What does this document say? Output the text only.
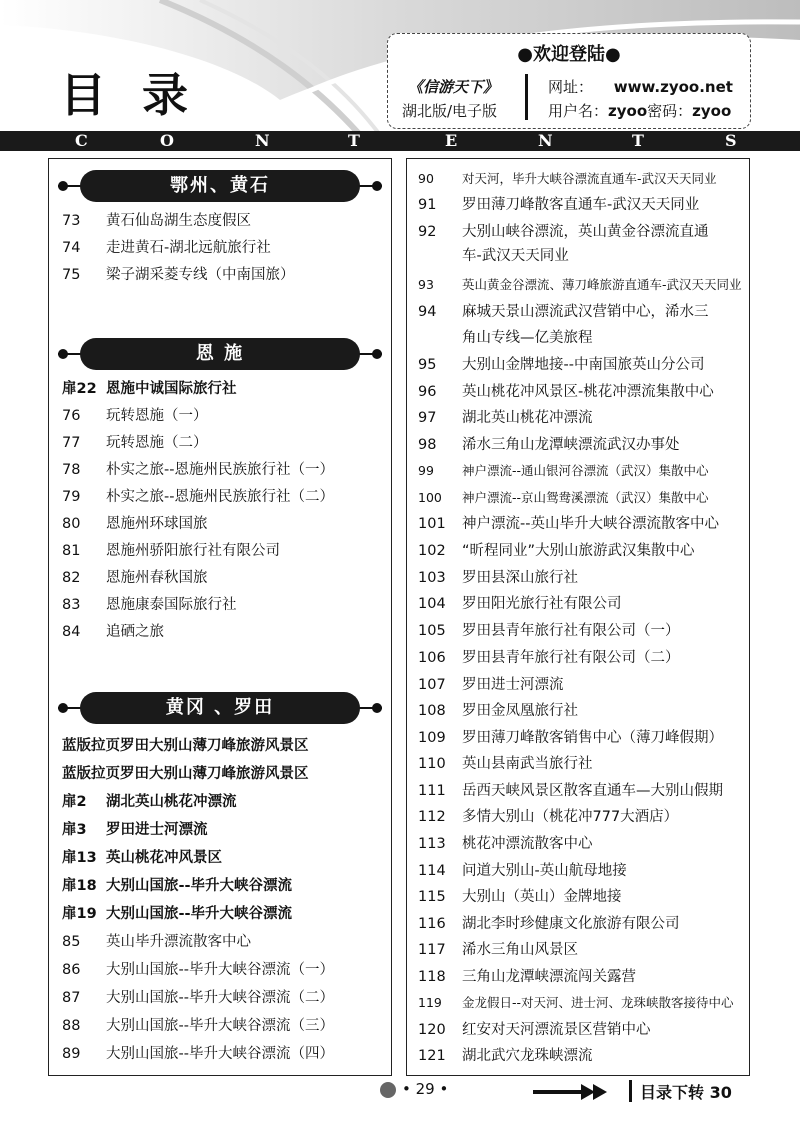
目 录
●欢迎登陆●
《信游天下》
湖北版/电子版
网址： www.zyoo.net
用户名：zyoo密码：zyoo
C	O	N	T	E	N	T	S
鄂州、黄石
73 黄石仙岛湖生态度假区
74 走进黄石-湖北远航旅行社
75 梁子湖采菱专线（中南国旅）
恩 施
扉22 恩施中诚国际旅行社
76 玩转恩施（一）
77 玩转恩施（二）
78 朴实之旅--恩施州民族旅行社（一）
79 朴实之旅--恩施州民族旅行社（二）
80 恩施州环球国旅
81 恩施州骄阳旅行社有限公司
82 恩施州春秋国旅
83 恩施康泰国际旅行社
84 追硒之旅
黄冈 、罗田
蓝版拉页罗田大别山薄刀峰旅游风景区
蓝版拉页罗田大别山薄刀峰旅游风景区
扉2 湖北英山桃花冲漂流
扉3 罗田进士河漂流
扉13 英山桃花冲风景区
扉18 大别山国旅--毕升大峡谷漂流
扉19 大别山国旅--毕升大峡谷漂流
85 英山毕升漂流散客中心
86 大别山国旅--毕升大峡谷漂流（一）
87 大别山国旅--毕升大峡谷漂流（二）
88 大别山国旅--毕升大峡谷漂流（三）
89 大别山国旅--毕升大峡谷漂流（四）
90 对天河，毕升大峡谷漂流直通车-武汉天天同业
91 罗田薄刀峰散客直通车-武汉天天同业
92 大别山峡谷漂流，英山黄金谷漂流直通
车-武汉天天同业
93 英山黄金谷漂流、薄刀峰旅游直通车-武汉天天同业
94 麻城天景山漂流武汉营销中心，浠水三
角山专线—亿美旅程
95 大别山金牌地接--中南国旅英山分公司
96 英山桃花冲风景区-桃花冲漂流集散中心
97 湖北英山桃花冲漂流
98 浠水三角山龙潭峡漂流武汉办事处
99 神户漂流--通山银河谷漂流（武汉）集散中心
100 神户漂流--京山鸳鸯溪漂流（武汉）集散中心
101 神户漂流--英山毕升大峡谷漂流散客中心
102 “昕程同业”大别山旅游武汉集散中心
103 罗田县深山旅行社
104 罗田阳光旅行社有限公司
105 罗田县青年旅行社有限公司（一）
106 罗田县青年旅行社有限公司（二）
107 罗田进士河漂流
108 罗田金凤凰旅行社
109 罗田薄刀峰散客销售中心（薄刀峰假期）
110 英山县南武当旅行社
111 岳西天峡风景区散客直通车—大别山假期
112 多情大别山（桃花冲777大酒店）
113 桃花冲漂流散客中心
114 问道大别山-英山航母地接
115 大别山（英山）金牌地接
116 湖北李时珍健康文化旅游有限公司
117 浠水三角山风景区
118 三角山龙潭峡漂流闯关露营
119 金龙假日--对天河、进士河、龙珠峡散客接待中心
120 红安对天河漂流景区营销中心
121 湖北武穴龙珠峡漂流
• 29 •	目录下转 30
